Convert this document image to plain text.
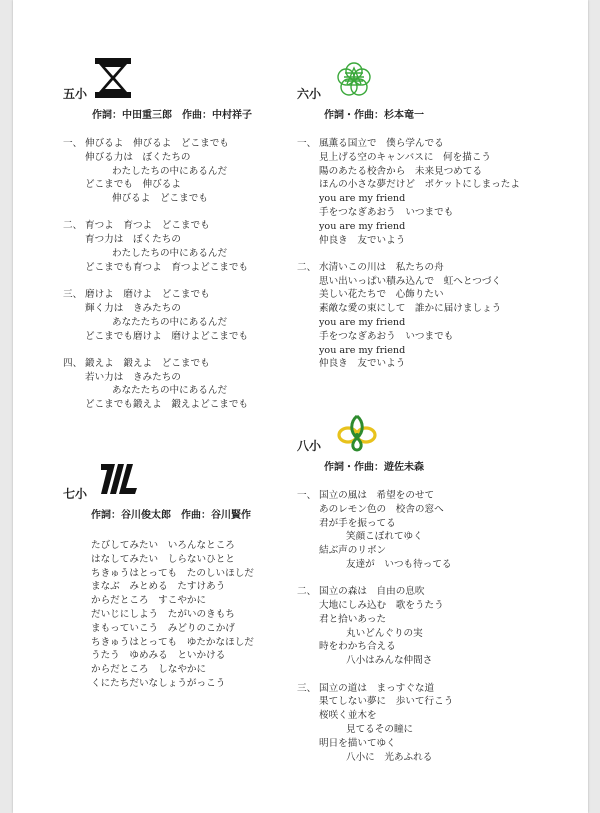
五小
作詞：中田重三郎　作曲：中村祥子
一、 伸びるよ　伸びるよ　どこまでも
伸びる力は　ぼくたちの
わたしたちの中にあるんだ
どこまでも　伸びるよ
伸びるよ　どこまでも
二、 育つよ　育つよ　どこまでも
育つ力は　ぼくたちの
わたしたちの中にあるんだ
どこまでも育つよ　育つよどこまでも
三、 磨けよ　磨けよ　どこまでも
輝く力は　きみたちの
あなたたちの中にあるんだ
どこまでも磨けよ　磨けよどこまでも
四、 鍛えよ　鍛えよ　どこまでも
若い力は　きみたちの
あなたたちの中にあるんだ
どこまでも鍛えよ　鍛えよどこまでも
六小
作詞・作曲：杉本竜一
一、 風薫る国立で　僕ら学んでる
見上げる空のキャンバスに　何を描こう
陽のあたる校舎から　未来見つめてる
ほんの小さな夢だけど　ポケットにしまったよ
you are my friend
手をつなぎあおう　いつまでも
you are my friend
仲良き　友でいよう
二、 水清いこの川は　私たちの舟
思い出いっぱい積み込んで　虹へとつづく
美しい花たちで　心飾りたい
素敵な愛の束にして　誰かに届けましょう
you are my friend
手をつなぎあおう　いつまでも
you are my friend
仲良き　友でいよう
七小
作詞：谷川俊太郎　作曲：谷川賢作
たびしてみたい　いろんなところ
はなしてみたい　しらないひとと
ちきゅうはとっても　たのしいほしだ
まなぶ　みとめる　たすけあう
からだところ　すこやかに
だいじにしよう　たがいのきもち
まもっていこう　みどりのこかげ
ちきゅうはとっても　ゆたかなほしだ
うたう　ゆめみる　といかける
からだところ　しなやかに
くにたちだいなしょうがっこう
八小
作詞・作曲：遊佐未森
一、 国立の風は　希望をのせて
あのレモン色の　校舎の窓へ
君が手を振ってる
笑顔こぼれてゆく
結ぶ声のリボン
友達が　いつも待ってる
二、 国立の森は　自由の息吹
大地にしみ込む　歌をうたう
君と拾いあった
丸いどんぐりの実
時をわかち合える
八小はみんな仲間さ
三、 国立の道は　まっすぐな道
果てしない夢に　歩いて行こう
桜咲く並木を
見てるその瞳に
明日を描いてゆく
八小に　光あふれる
